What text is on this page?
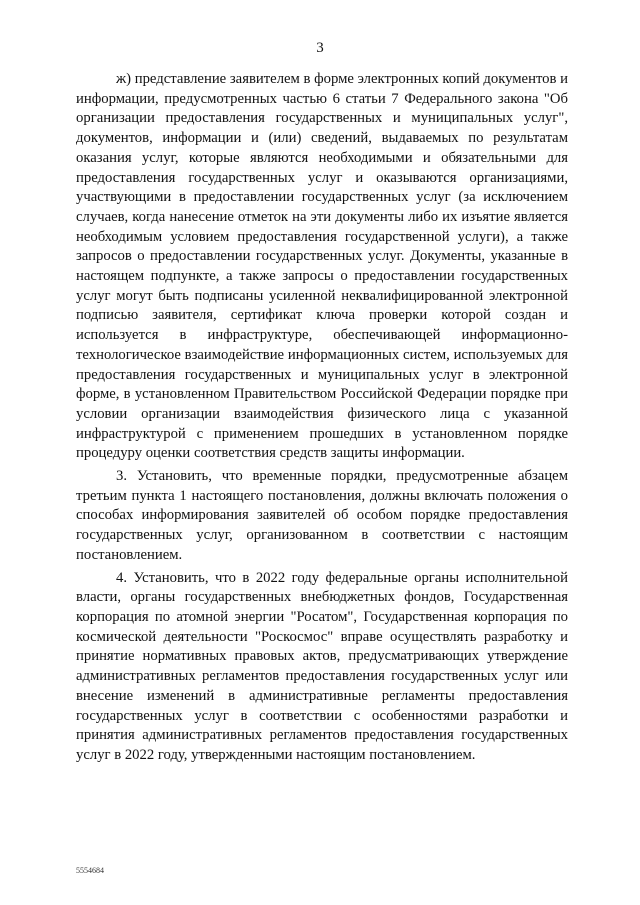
3

ж) представление заявителем в форме электронных копий документов и информации, предусмотренных частью 6 статьи 7 Федерального закона "Об организации предоставления государственных и муниципальных услуг", документов, информации и (или) сведений, выдаваемых по результатам оказания услуг, которые являются необходимыми и обязательными для предоставления государственных услуг и оказываются организациями, участвующими в предоставлении государственных услуг (за исключением случаев, когда нанесение отметок на эти документы либо их изъятие является необходимым условием предоставления государственной услуги), а также запросов о предоставлении государственных услуг. Документы, указанные в настоящем подпункте, а также запросы о предоставлении государственных услуг могут быть подписаны усиленной неквалифицированной электронной подписью заявителя, сертификат ключа проверки которой создан и используется в инфраструктуре, обеспечивающей информационно-технологическое взаимодействие информационных систем, используемых для предоставления государственных и муниципальных услуг в электронной форме, в установленном Правительством Российской Федерации порядке при условии организации взаимодействия физического лица с указанной инфраструктурой с применением прошедших в установленном порядке процедуру оценки соответствия средств защиты информации.

3. Установить, что временные порядки, предусмотренные абзацем третьим пункта 1 настоящего постановления, должны включать положения о способах информирования заявителей об особом порядке предоставления государственных услуг, организованном в соответствии с настоящим постановлением.

4. Установить, что в 2022 году федеральные органы исполнительной власти, органы государственных внебюджетных фондов, Государственная корпорация по атомной энергии "Росатом", Государственная корпорация по космической деятельности "Роскосмос" вправе осуществлять разработку и принятие нормативных правовых актов, предусматривающих утверждение административных регламентов предоставления государственных услуг или внесение изменений в административные регламенты предоставления государственных услуг в соответствии с особенностями разработки и принятия административных регламентов предоставления государственных услуг в 2022 году, утвержденными настоящим постановлением.

5554684
